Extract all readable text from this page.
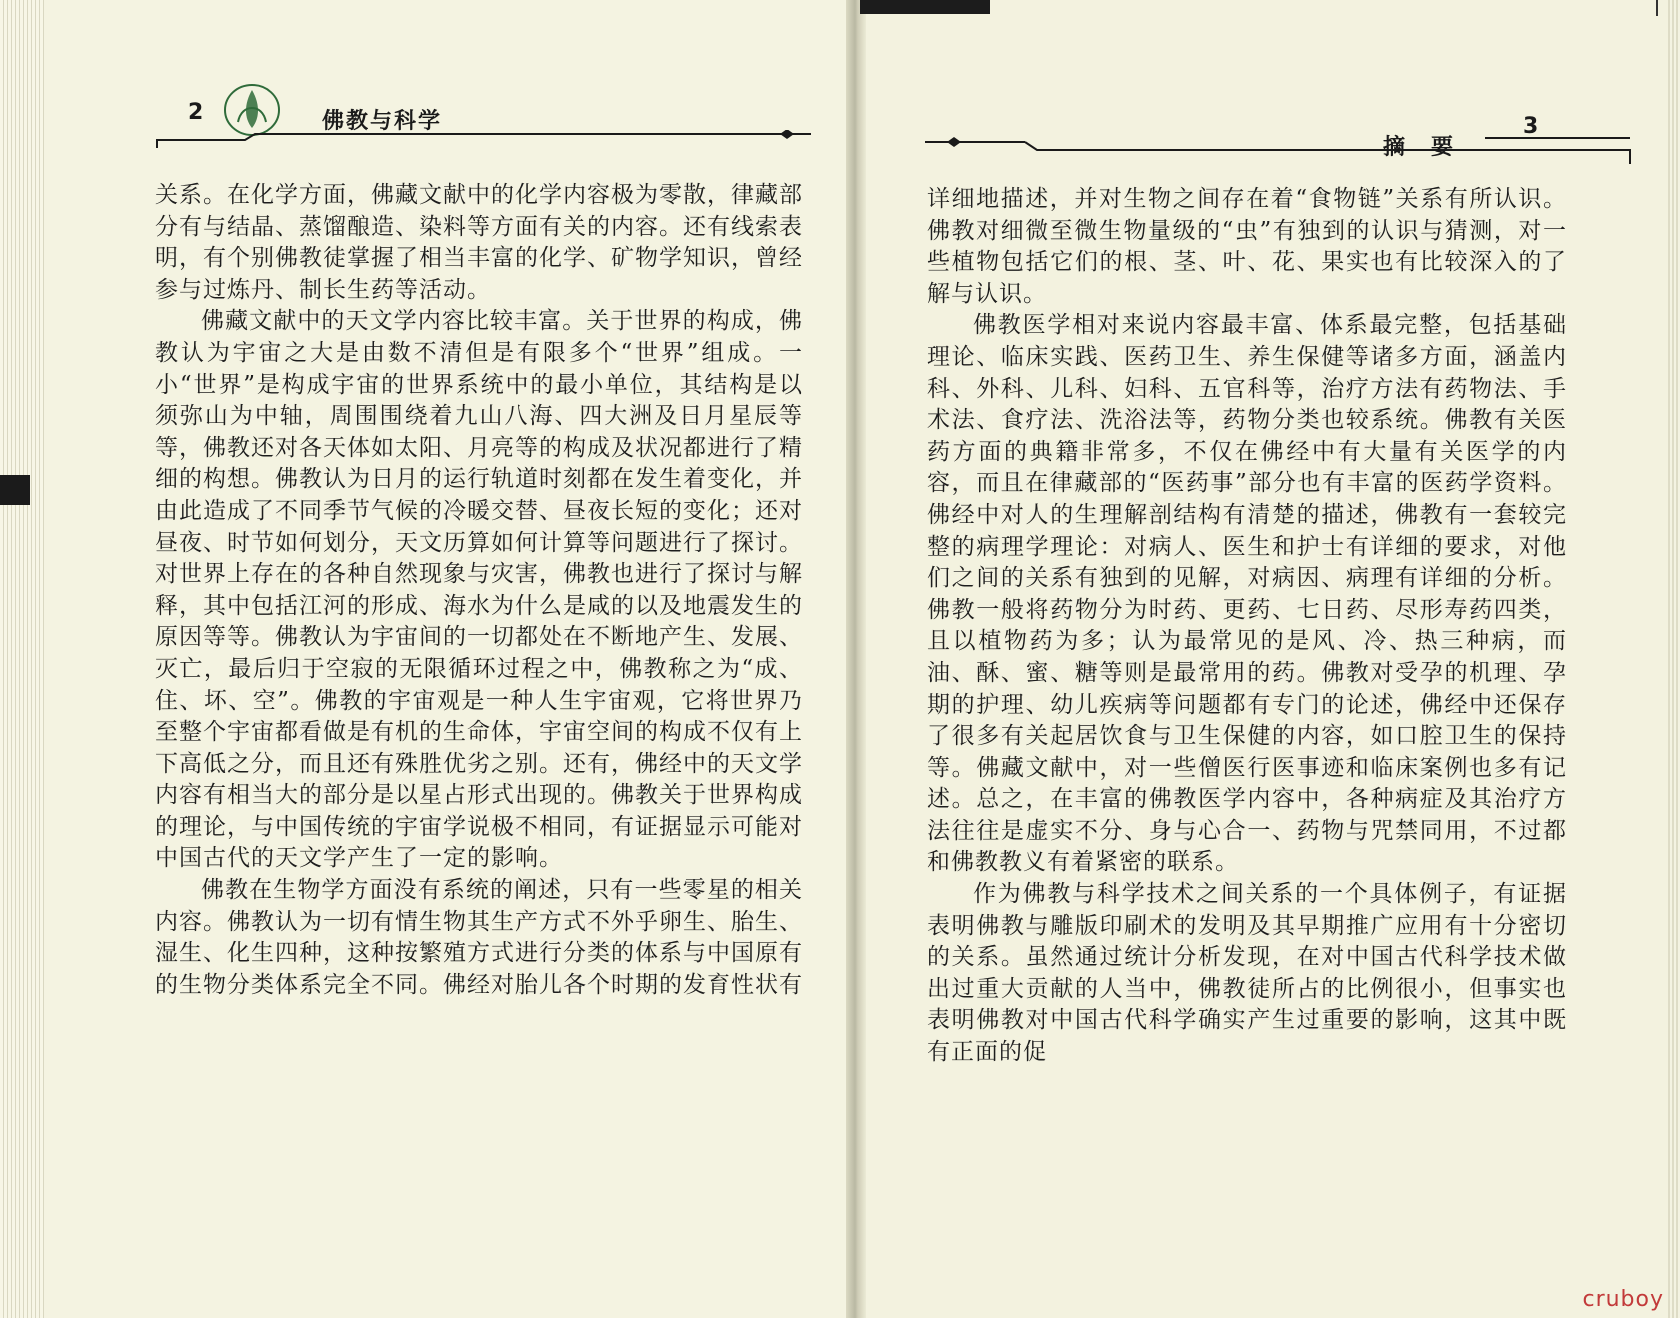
2	佛教与科学

关系。在化学方面，佛藏文献中的化学内容极为零散，律藏部分有与结晶、蒸馏酿造、染料等方面有关的内容。还有线索表明，有个别佛教徒掌握了相当丰富的化学、矿物学知识，曾经参与过炼丹、制长生药等活动。

佛藏文献中的天文学内容比较丰富。关于世界的构成，佛教认为宇宙之大是由数不清但是有限多个“世界”组成。一小“世界”是构成宇宙的世界系统中的最小单位，其结构是以须弥山为中轴，周围围绕着九山八海、四大洲及日月星辰等等，佛教还对各天体如太阳、月亮等的构成及状况都进行了精细的构想。佛教认为日月的运行轨道时刻都在发生着变化，并由此造成了不同季节气候的冷暖交替、昼夜长短的变化；还对昼夜、时节如何划分，天文历算如何计算等问题进行了探讨。对世界上存在的各种自然现象与灾害，佛教也进行了探讨与解释，其中包括江河的形成、海水为什么是咸的以及地震发生的原因等等。佛教认为宇宙间的一切都处在不断地产生、发展、灭亡，最后归于空寂的无限循环过程之中，佛教称之为“成、住、坏、空”。佛教的宇宙观是一种人生宇宙观，它将世界乃至整个宇宙都看做是有机的生命体，宇宙空间的构成不仅有上下高低之分，而且还有殊胜优劣之别。还有，佛经中的天文学内容有相当大的部分是以星占形式出现的。佛教关于世界构成的理论，与中国传统的宇宙学说极不相同，有证据显示可能对中国古代的天文学产生了一定的影响。

佛教在生物学方面没有系统的阐述，只有一些零星的相关内容。佛教认为一切有情生物其生产方式不外乎卵生、胎生、湿生、化生四种，这种按繁殖方式进行分类的体系与中国原有的生物分类体系完全不同。佛经对胎儿各个时期的发育性状有

摘　要
3

详细地描述，并对生物之间存在着“食物链”关系有所认识。佛教对细微至微生物量级的“虫”有独到的认识与猜测，对一些植物包括它们的根、茎、叶、花、果实也有比较深入的了解与认识。

佛教医学相对来说内容最丰富、体系最完整，包括基础理论、临床实践、医药卫生、养生保健等诸多方面，涵盖内科、外科、儿科、妇科、五官科等，治疗方法有药物法、手术法、食疗法、洗浴法等，药物分类也较系统。佛教有关医药方面的典籍非常多，不仅在佛经中有大量有关医学的内容，而且在律藏部的“医药事”部分也有丰富的医药学资料。佛经中对人的生理解剖结构有清楚的描述，佛教有一套较完整的病理学理论：对病人、医生和护士有详细的要求，对他们之间的关系有独到的见解，对病因、病理有详细的分析。佛教一般将药物分为时药、更药、七日药、尽形寿药四类，且以植物药为多；认为最常见的是风、冷、热三种病，而油、酥、蜜、糖等则是最常用的药。佛教对受孕的机理、孕期的护理、幼儿疾病等问题都有专门的论述，佛经中还保存了很多有关起居饮食与卫生保健的内容，如口腔卫生的保持等。佛藏文献中，对一些僧医行医事迹和临床案例也多有记述。总之，在丰富的佛教医学内容中，各种病症及其治疗方法往往是虚实不分、身与心合一、药物与咒禁同用，不过都和佛教教义有着紧密的联系。

作为佛教与科学技术之间关系的一个具体例子，有证据表明佛教与雕版印刷术的发明及其早期推广应用有十分密切的关系。虽然通过统计分析发现，在对中国古代科学技术做出过重大贡献的人当中，佛教徒所占的比例很小，但事实也表明佛教对中国古代科学确实产生过重要的影响，这其中既有正面的促

cruboy
